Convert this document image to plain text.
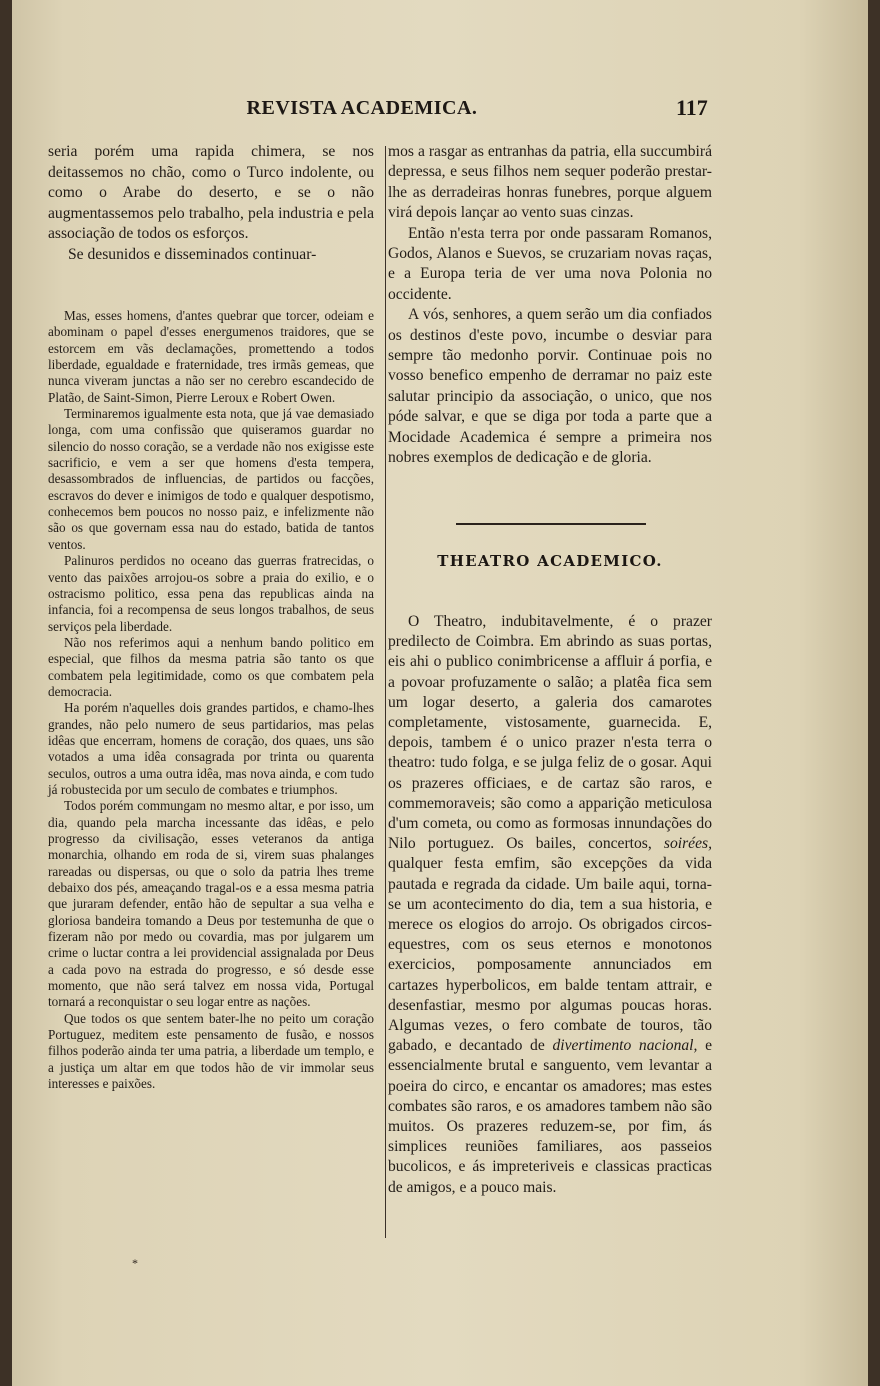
REVISTA ACADEMICA.	117

seria porém uma rapida chimera, se nos deitassemos no chão, como o Turco indolente, ou como o Arabe do deserto, e se o não augmentassemos pelo trabalho, pela industria e pela associação de todos os esforços.

Se desunidos e disseminados continuar-

Mas, esses homens, d'antes quebrar que torcer, odeiam e abominam o papel d'esses energumenos traidores, que se estorcem em vãs declamações, promettendo a todos liberdade, egualdade e fraternidade, tres irmãs gemeas, que nunca viveram junctas a não ser no cerebro escandecido de Platão, de Saint-Simon, Pierre Leroux e Robert Owen.

Terminaremos igualmente esta nota, que já vae demasiado longa, com uma confissão que quiseramos guardar no silencio do nosso coração, se a verdade não nos exigisse este sacrificio, e vem a ser que homens d'esta tempera, desassombrados de influencias, de partidos ou facções, escravos do dever e inimigos de todo e qualquer despotismo, conhecemos bem poucos no nosso paiz, e infelizmente não são os que governam essa nau do estado, batida de tantos ventos.

Palinuros perdidos no oceano das guerras fratrecidas, o vento das paixões arrojou-os sobre a praia do exilio, e o ostracismo politico, essa pena das republicas ainda na infancia, foi a recompensa de seus longos trabalhos, de seus serviços pela liberdade.

Não nos referimos aqui a nenhum bando politico em especial, que filhos da mesma patria são tanto os que combatem pela legitimidade, como os que combatem pela democracia.

Ha porém n'aquelles dois grandes partidos, e chamo-lhes grandes, não pelo numero de seus partidarios, mas pelas idêas que encerram, homens de coração, dos quaes, uns são votados a uma idêa consagrada por trinta ou quarenta seculos, outros a uma outra idêa, mas nova ainda, e com tudo já robustecida por um seculo de combates e triumphos.

Todos porém commungam no mesmo altar, e por isso, um dia, quando pela marcha incessante das idêas, e pelo progresso da civilisação, esses veteranos da antiga monarchia, olhando em roda de si, virem suas phalanges rareadas ou dispersas, ou que o solo da patria lhes treme debaixo dos pés, ameaçando tragal-os e a essa mesma patria que juraram defender, então hão de sepultar a sua velha e gloriosa bandeira tomando a Deus por testemunha de que o fizeram não por medo ou covardia, mas por julgarem um crime o luctar contra a lei providencial assignalada por Deus a cada povo na estrada do progresso, e só desde esse momento, que não será talvez em nossa vida, Portugal tornará a reconquistar o seu logar entre as nações.

Que todos os que sentem bater-lhe no peito um coração Portuguez, meditem este pensamento de fusão, e nossos filhos poderão ainda ter uma patria, a liberdade um templo, e a justiça um altar em que todos hão de vir immolar seus interesses e paixões.

*

mos a rasgar as entranhas da patria, ella succumbirá depressa, e seus filhos nem sequer poderão prestar-lhe as derradeiras honras funebres, porque alguem virá depois lançar ao vento suas cinzas.

Então n'esta terra por onde passaram Romanos, Godos, Alanos e Suevos, se cruzariam novas raças, e a Europa teria de ver uma nova Polonia no occidente.

A vós, senhores, a quem serão um dia confiados os destinos d'este povo, incumbe o desviar para sempre tão medonho porvir. Continuae pois no vosso benefico empenho de derramar no paiz este salutar principio da associação, o unico, que nos póde salvar, e que se diga por toda a parte que a Mocidade Academica é sempre a primeira nos nobres exemplos de dedicação e de gloria.

THEATRO ACADEMICO.

O Theatro, indubitavelmente, é o prazer predilecto de Coimbra. Em abrindo as suas portas, eis ahi o publico conimbricense a affluir á porfia, e a povoar profuzamente o salão; a platêa fica sem um logar deserto, a galeria dos camarotes completamente, vistosamente, guarnecida. E, depois, tambem é o unico prazer n'esta terra o theatro: tudo folga, e se julga feliz de o gosar. Aqui os prazeres officiaes, e de cartaz são raros, e commemoraveis; são como a apparição meticulosa d'um cometa, ou como as formosas innundações do Nilo portuguez. Os bailes, concertos, soirées, qualquer festa emfim, são excepções da vida pautada e regrada da cidade. Um baile aqui, torna-se um acontecimento do dia, tem a sua historia, e merece os elogios do arrojo. Os obrigados circos-equestres, com os seus eternos e monotonos exercicios, pomposamente annunciados em cartazes hyperbolicos, em balde tentam attrair, e desenfastiar, mesmo por algumas poucas horas. Algumas vezes, o fero combate de touros, tão gabado, e decantado de divertimento nacional, e essencialmente brutal e sanguento, vem levantar a poeira do circo, e encantar os amadores; mas estes combates são raros, e os amadores tambem não são muitos. Os prazeres reduzem-se, por fim, ás simplices reuniões familiares, aos passeios bucolicos, e ás impreteriveis e classicas practicas de amigos, e a pouco mais.
